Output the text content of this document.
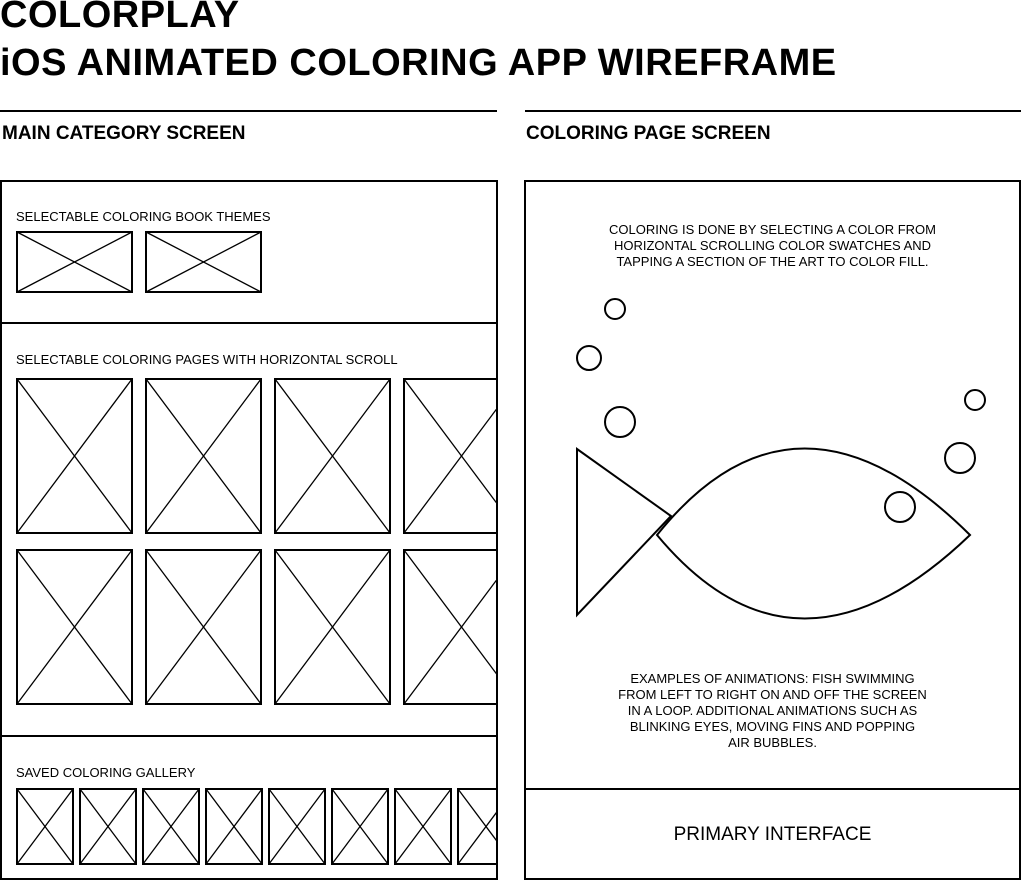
COLORPLAY
iOS ANIMATED COLORING APP WIREFRAME
MAIN CATEGORY SCREEN
SELECTABLE COLORING BOOK THEMES
SELECTABLE COLORING PAGES WITH HORIZONTAL SCROLL
SAVED COLORING GALLERY
COLORING PAGE SCREEN

COLORING IS DONE BY SELECTING A COLOR FROM
HORIZONTAL SCROLLING COLOR SWATCHES AND
TAPPING A SECTION OF THE ART TO COLOR FILL.

EXAMPLES OF ANIMATIONS: FISH SWIMMING
FROM LEFT TO RIGHT ON AND OFF THE SCREEN
IN A LOOP. ADDITIONAL ANIMATIONS SUCH AS
BLINKING EYES, MOVING FINS AND POPPING
AIR BUBBLES.

PRIMARY INTERFACE
